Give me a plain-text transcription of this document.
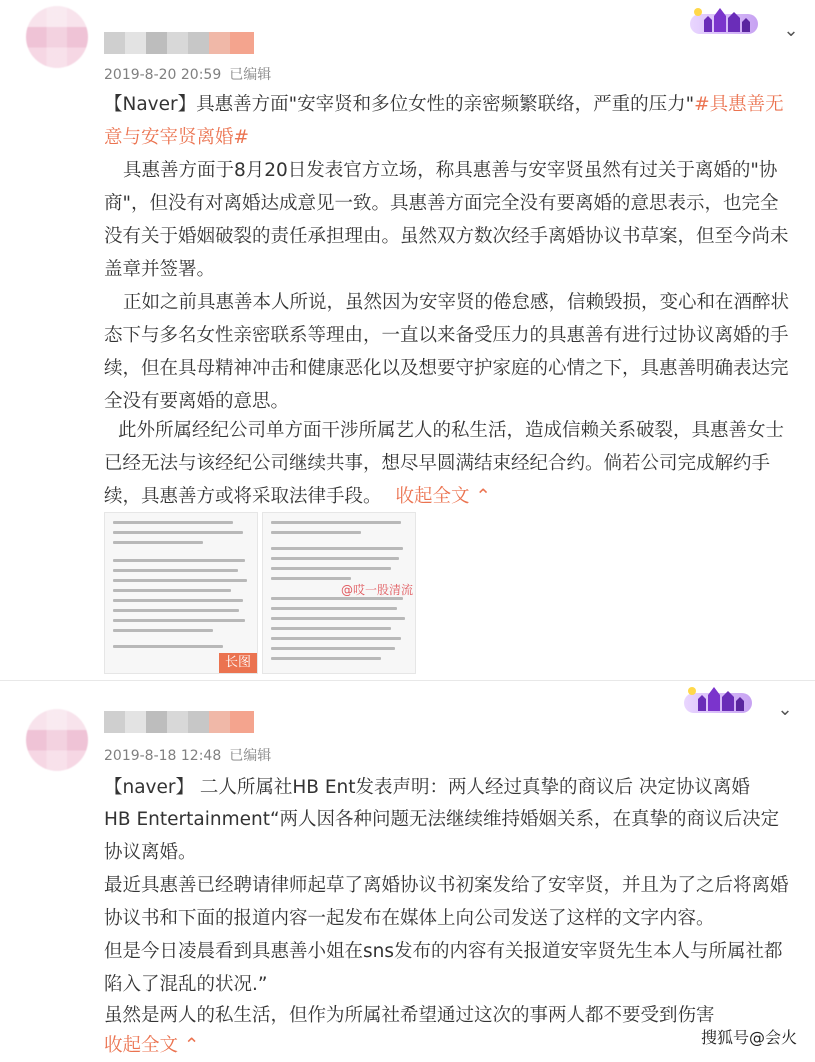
⌄
2019-8-20 20:59 已编辑
【Naver】具惠善方面"安宰贤和多位女性的亲密频繁联络，严重的压力"#具惠善无意与安宰贤离婚#
具惠善方面于8月20日发表官方立场，称具惠善与安宰贤虽然有过关于离婚的"协商"，但没有对离婚达成意见一致。具惠善方面完全没有要离婚的意思表示，也完全没有关于婚姻破裂的责任承担理由。虽然双方数次经手离婚协议书草案，但至今尚未盖章并签署。
正如之前具惠善本人所说，虽然因为安宰贤的倦怠感，信赖毁损，变心和在酒醉状态下与多名女性亲密联系等理由，一直以来备受压力的具惠善有进行过协议离婚的手续，但在具母精神冲击和健康恶化以及想要守护家庭的心情之下，具惠善明确表达完全没有要离婚的意思。
此外所属经纪公司单方面干涉所属艺人的私生活，造成信赖关系破裂，具惠善女士已经无法与该经纪公司继续共事，想尽早圆满结束经纪合约。倘若公司完成解约手续，具惠善方或将采取法律手段。 收起全文 ⌃
长图
@哎一股清流
⌄
2019-8-18 12:48 已编辑
【naver】 二人所属社HB Ent发表声明：两人经过真挚的商议后 决定协议离婚
HB Entertainment“两人因各种问题无法继续维持婚姻关系，在真挚的商议后决定协议离婚。
最近具惠善已经聘请律师起草了离婚协议书初案发给了安宰贤，并且为了之后将离婚协议书和下面的报道内容一起发布在媒体上向公司发送了这样的文字内容。
但是今日凌晨看到具惠善小姐在sns发布的内容有关报道安宰贤先生本人与所属社都陷入了混乱的状况.”
虽然是两人的私生活，但作为所属社希望通过这次的事两人都不要受到伤害
收起全文 ⌃	搜狐号@会火
